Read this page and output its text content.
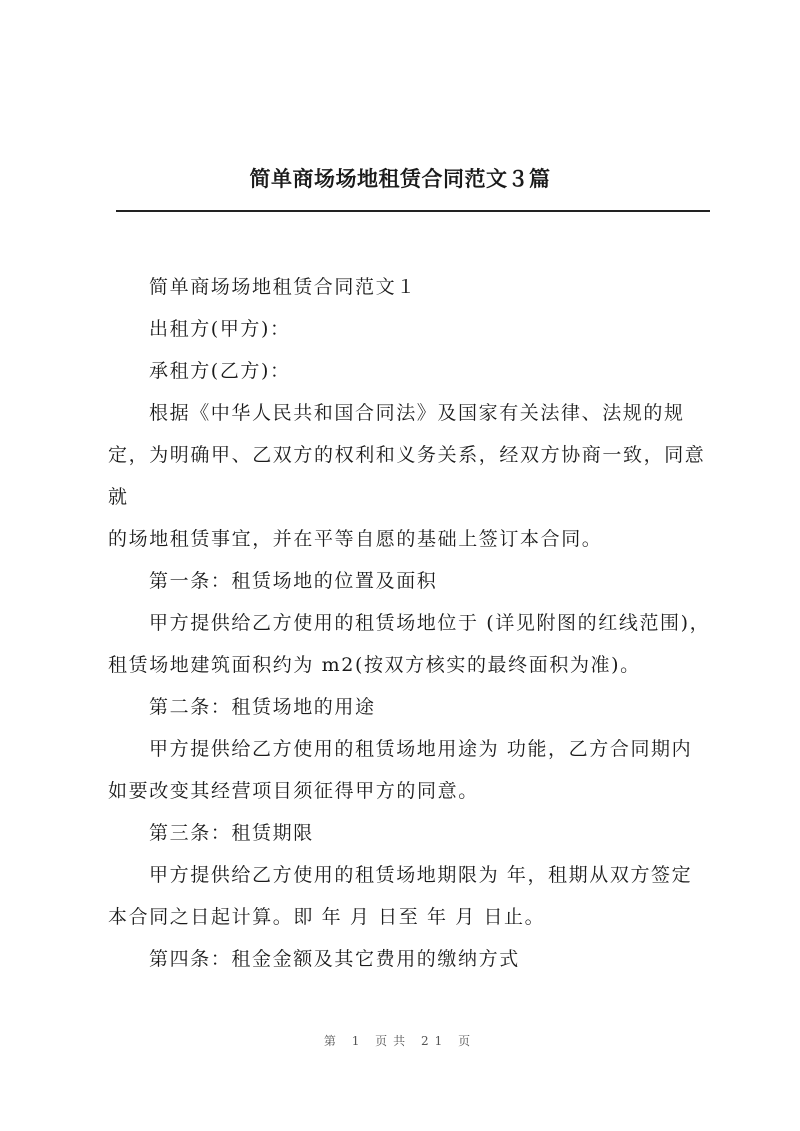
简单商场场地租赁合同范文３篇

简单商场场地租赁合同范文１

出租方(甲方)：

承租方(乙方)：

根据《中华人民共和国合同法》及国家有关法律、法规的规定，为明确甲、乙双方的权利和义务关系，经双方协商一致，同意就

的场地租赁事宜，并在平等自愿的基础上签订本合同。

第一条：租赁场地的位置及面积

甲方提供给乙方使用的租赁场地位于 (详见附图的红线范围)，租赁场地建筑面积约为 m2(按双方核实的最终面积为准)。

第二条：租赁场地的用途

甲方提供给乙方使用的租赁场地用途为 功能，乙方合同期内如要改变其经营项目须征得甲方的同意。

第三条：租赁期限

甲方提供给乙方使用的租赁场地期限为 年，租期从双方签定本合同之日起计算。即 年 月 日至 年 月 日止。

第四条：租金金额及其它费用的缴纳方式

第 1 页共 21 页
